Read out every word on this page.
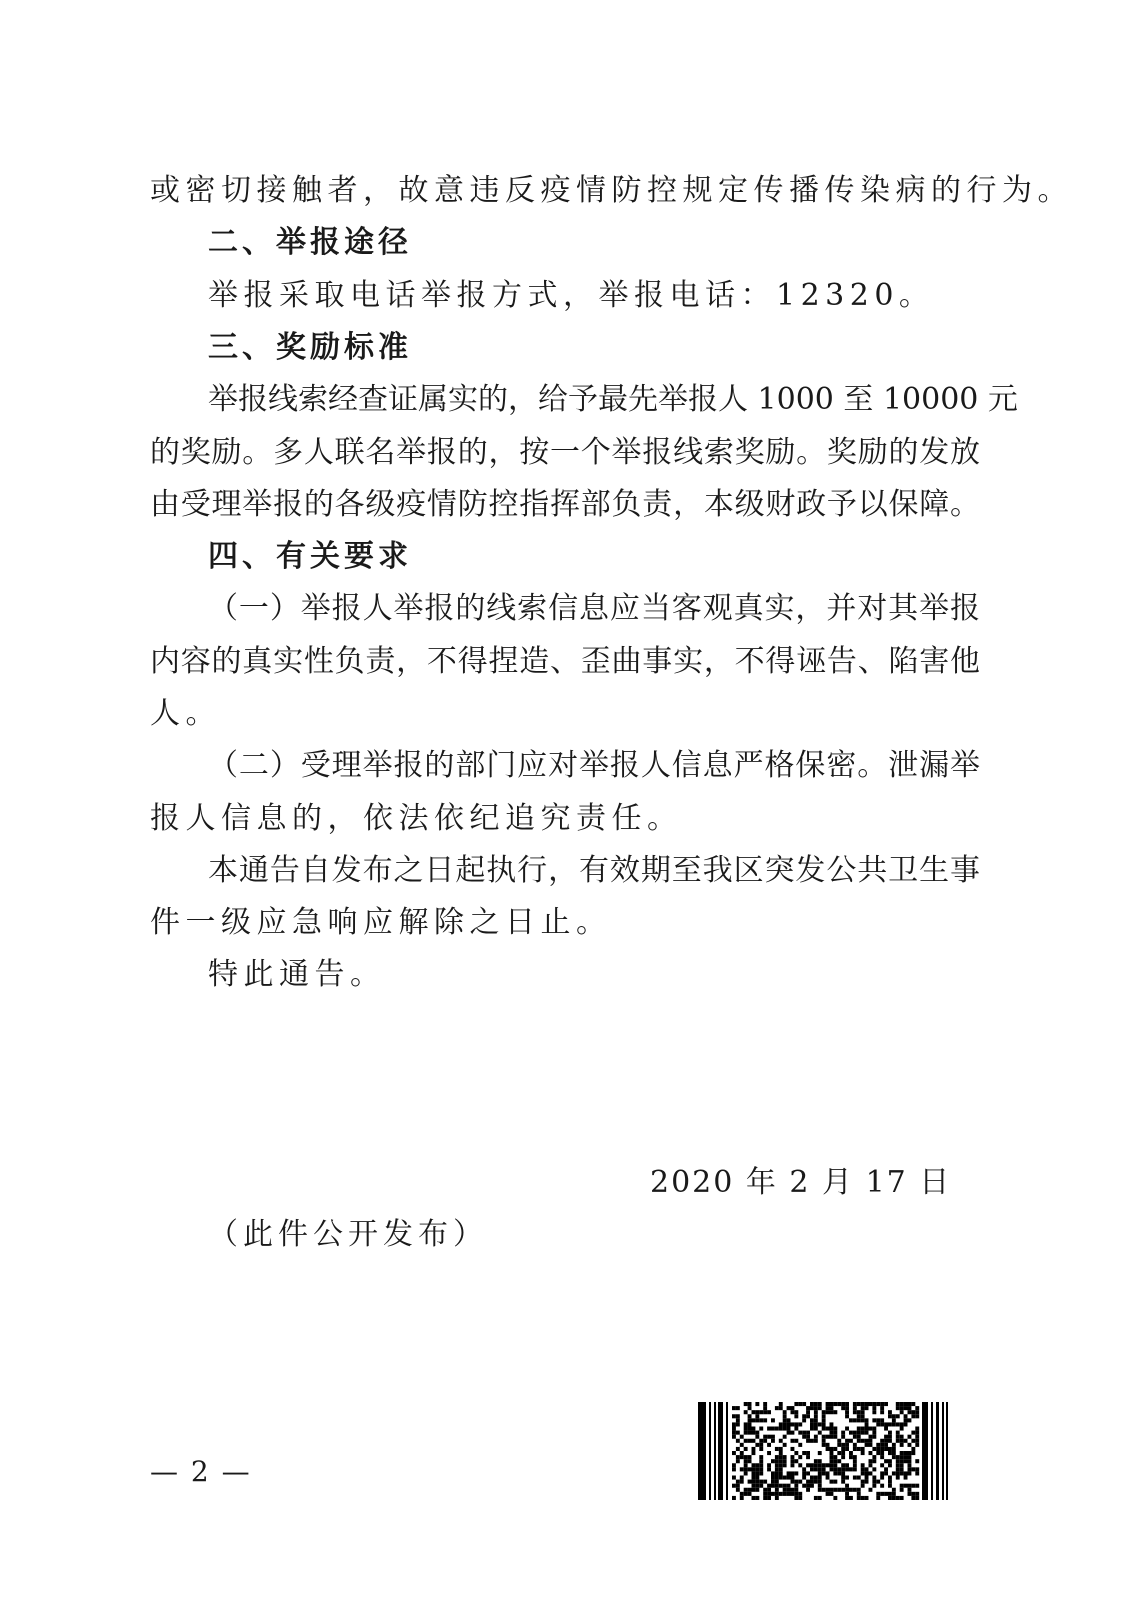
或密切接触者，故意违反疫情防控规定传播传染病的行为。
二、举报途径
举报采取电话举报方式，举报电话：12320。
三、奖励标准
举报线索经查证属实的，给予最先举报人 1000 至 10000 元
的奖励。多人联名举报的，按一个举报线索奖励。奖励的发放
由受理举报的各级疫情防控指挥部负责，本级财政予以保障。
四、有关要求
（一）举报人举报的线索信息应当客观真实，并对其举报
内容的真实性负责，不得捏造、歪曲事实，不得诬告、陷害他
人。
（二）受理举报的部门应对举报人信息严格保密。泄漏举
报人信息的，依法依纪追究责任。
本通告自发布之日起执行，有效期至我区突发公共卫生事
件一级应急响应解除之日止。
特此通告。
2020 年 2 月 17 日
（此件公开发布）
— 2 —
